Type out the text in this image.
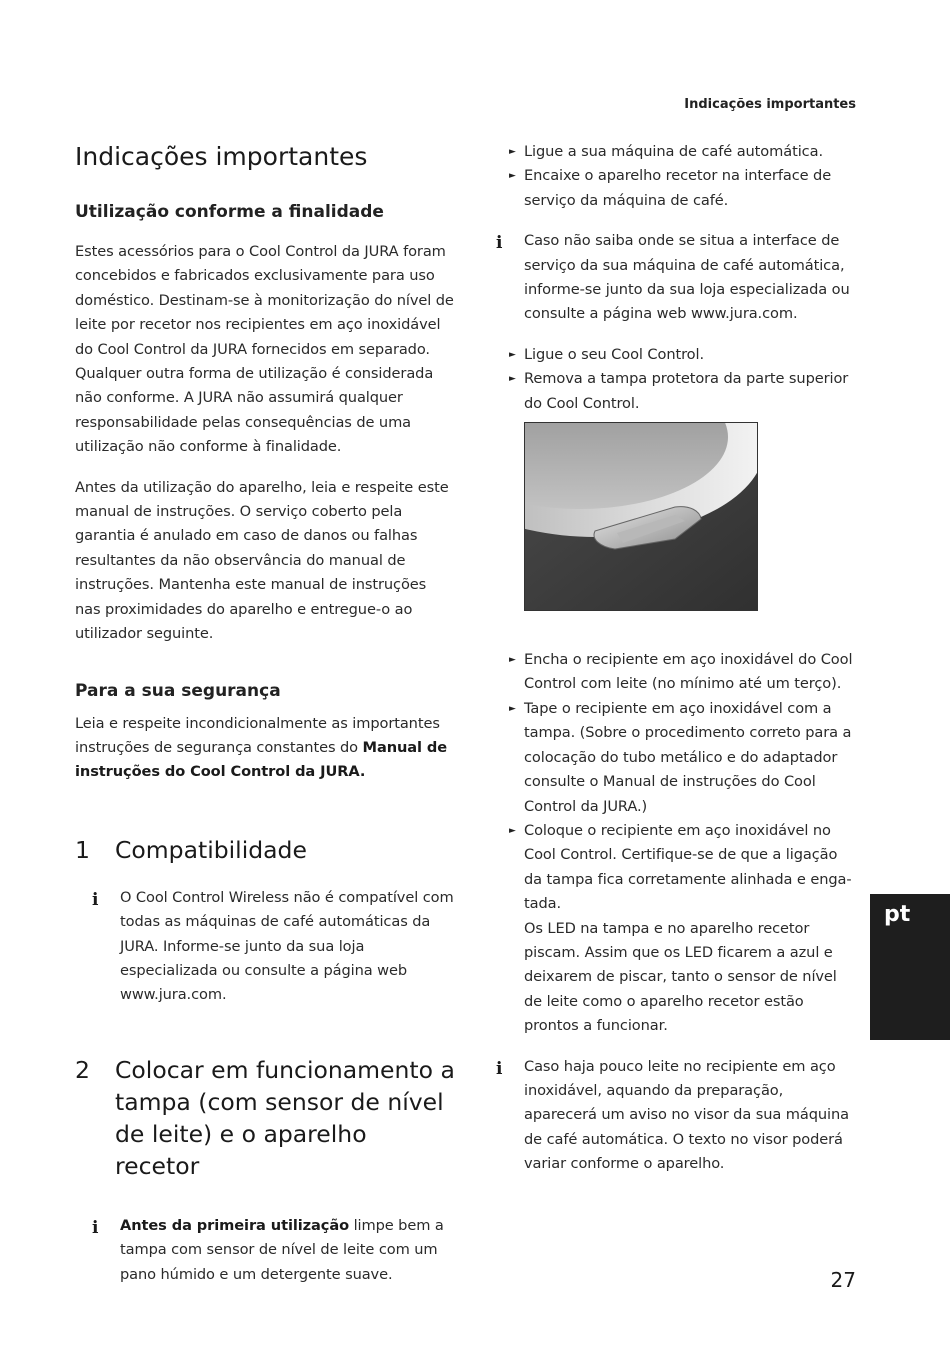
Indicações importantes
Indicações importantes
Utilização conforme a finalidade
Estes acessórios para o Cool Control da JURA foram concebidos e fabricados exclusivamente para uso doméstico. Destinam-se à monitorização do nível de leite por recetor nos recipientes em aço inoxidável do Cool Control da JURA fornecidos em separado. Qualquer outra forma de utilização é considerada não conforme. A JURA não assumirá qualquer responsabilidade pelas consequências de uma utilização não conforme à finalidade.
Antes da utilização do aparelho, leia e respeite este manual de instruções. O serviço coberto pela garantia é anulado em caso de danos ou falhas resultantes da não observância do manual de instruções. Mantenha este manual de instruções nas proximidades do aparelho e entregue-o ao utilizador seguinte.
Para a sua segurança
Leia e respeite incondicionalmente as importantes instruções de segurança constantes do Manual de instruções do Cool Control da JURA.
1	Compatibilidade
i O Cool Control Wireless não é compatível com todas as máquinas de café automáticas da JURA. Informe-se junto da sua loja especializada ou consulte a página web www.jura.com.
2	Colocar em funcionamento a tampa (com sensor de nível de leite) e o aparelho recetor
i Antes da primeira utilização limpe bem a tampa com sensor de nível de leite com um pano húmido e um detergente suave.
► Ligue a sua máquina de café automática.
► Encaixe o aparelho recetor na interface de serviço da máquina de café.
i Caso não saiba onde se situa a interface de serviço da sua máquina de café automática, informe-se junto da sua loja especializada ou consulte a página web www.jura.com.
► Ligue o seu Cool Control.
► Remova a tampa protetora da parte superior do Cool Control.
► Encha o recipiente em aço inoxidável do Cool Control com leite (no mínimo até um terço).
► Tape o recipiente em aço inoxidável com a tampa. (Sobre o procedimento correto para a colocação do tubo metálico e do adaptador consulte o Manual de instruções do Cool Control da JURA.)
► Coloque o recipiente em aço inoxidável no Cool Control. Certifique-se de que a ligação da tampa fica corretamente alinhada e enga-tada.
Os LED na tampa e no aparelho recetor piscam. Assim que os LED ficarem a azul e deixarem de piscar, tanto o sensor de nível de leite como o aparelho recetor estão prontos a funcionar.
i Caso haja pouco leite no recipiente em aço inoxidável, aquando da preparação, aparecerá um aviso no visor da sua máquina de café automática. O texto no visor poderá variar conforme o aparelho.
pt
27
